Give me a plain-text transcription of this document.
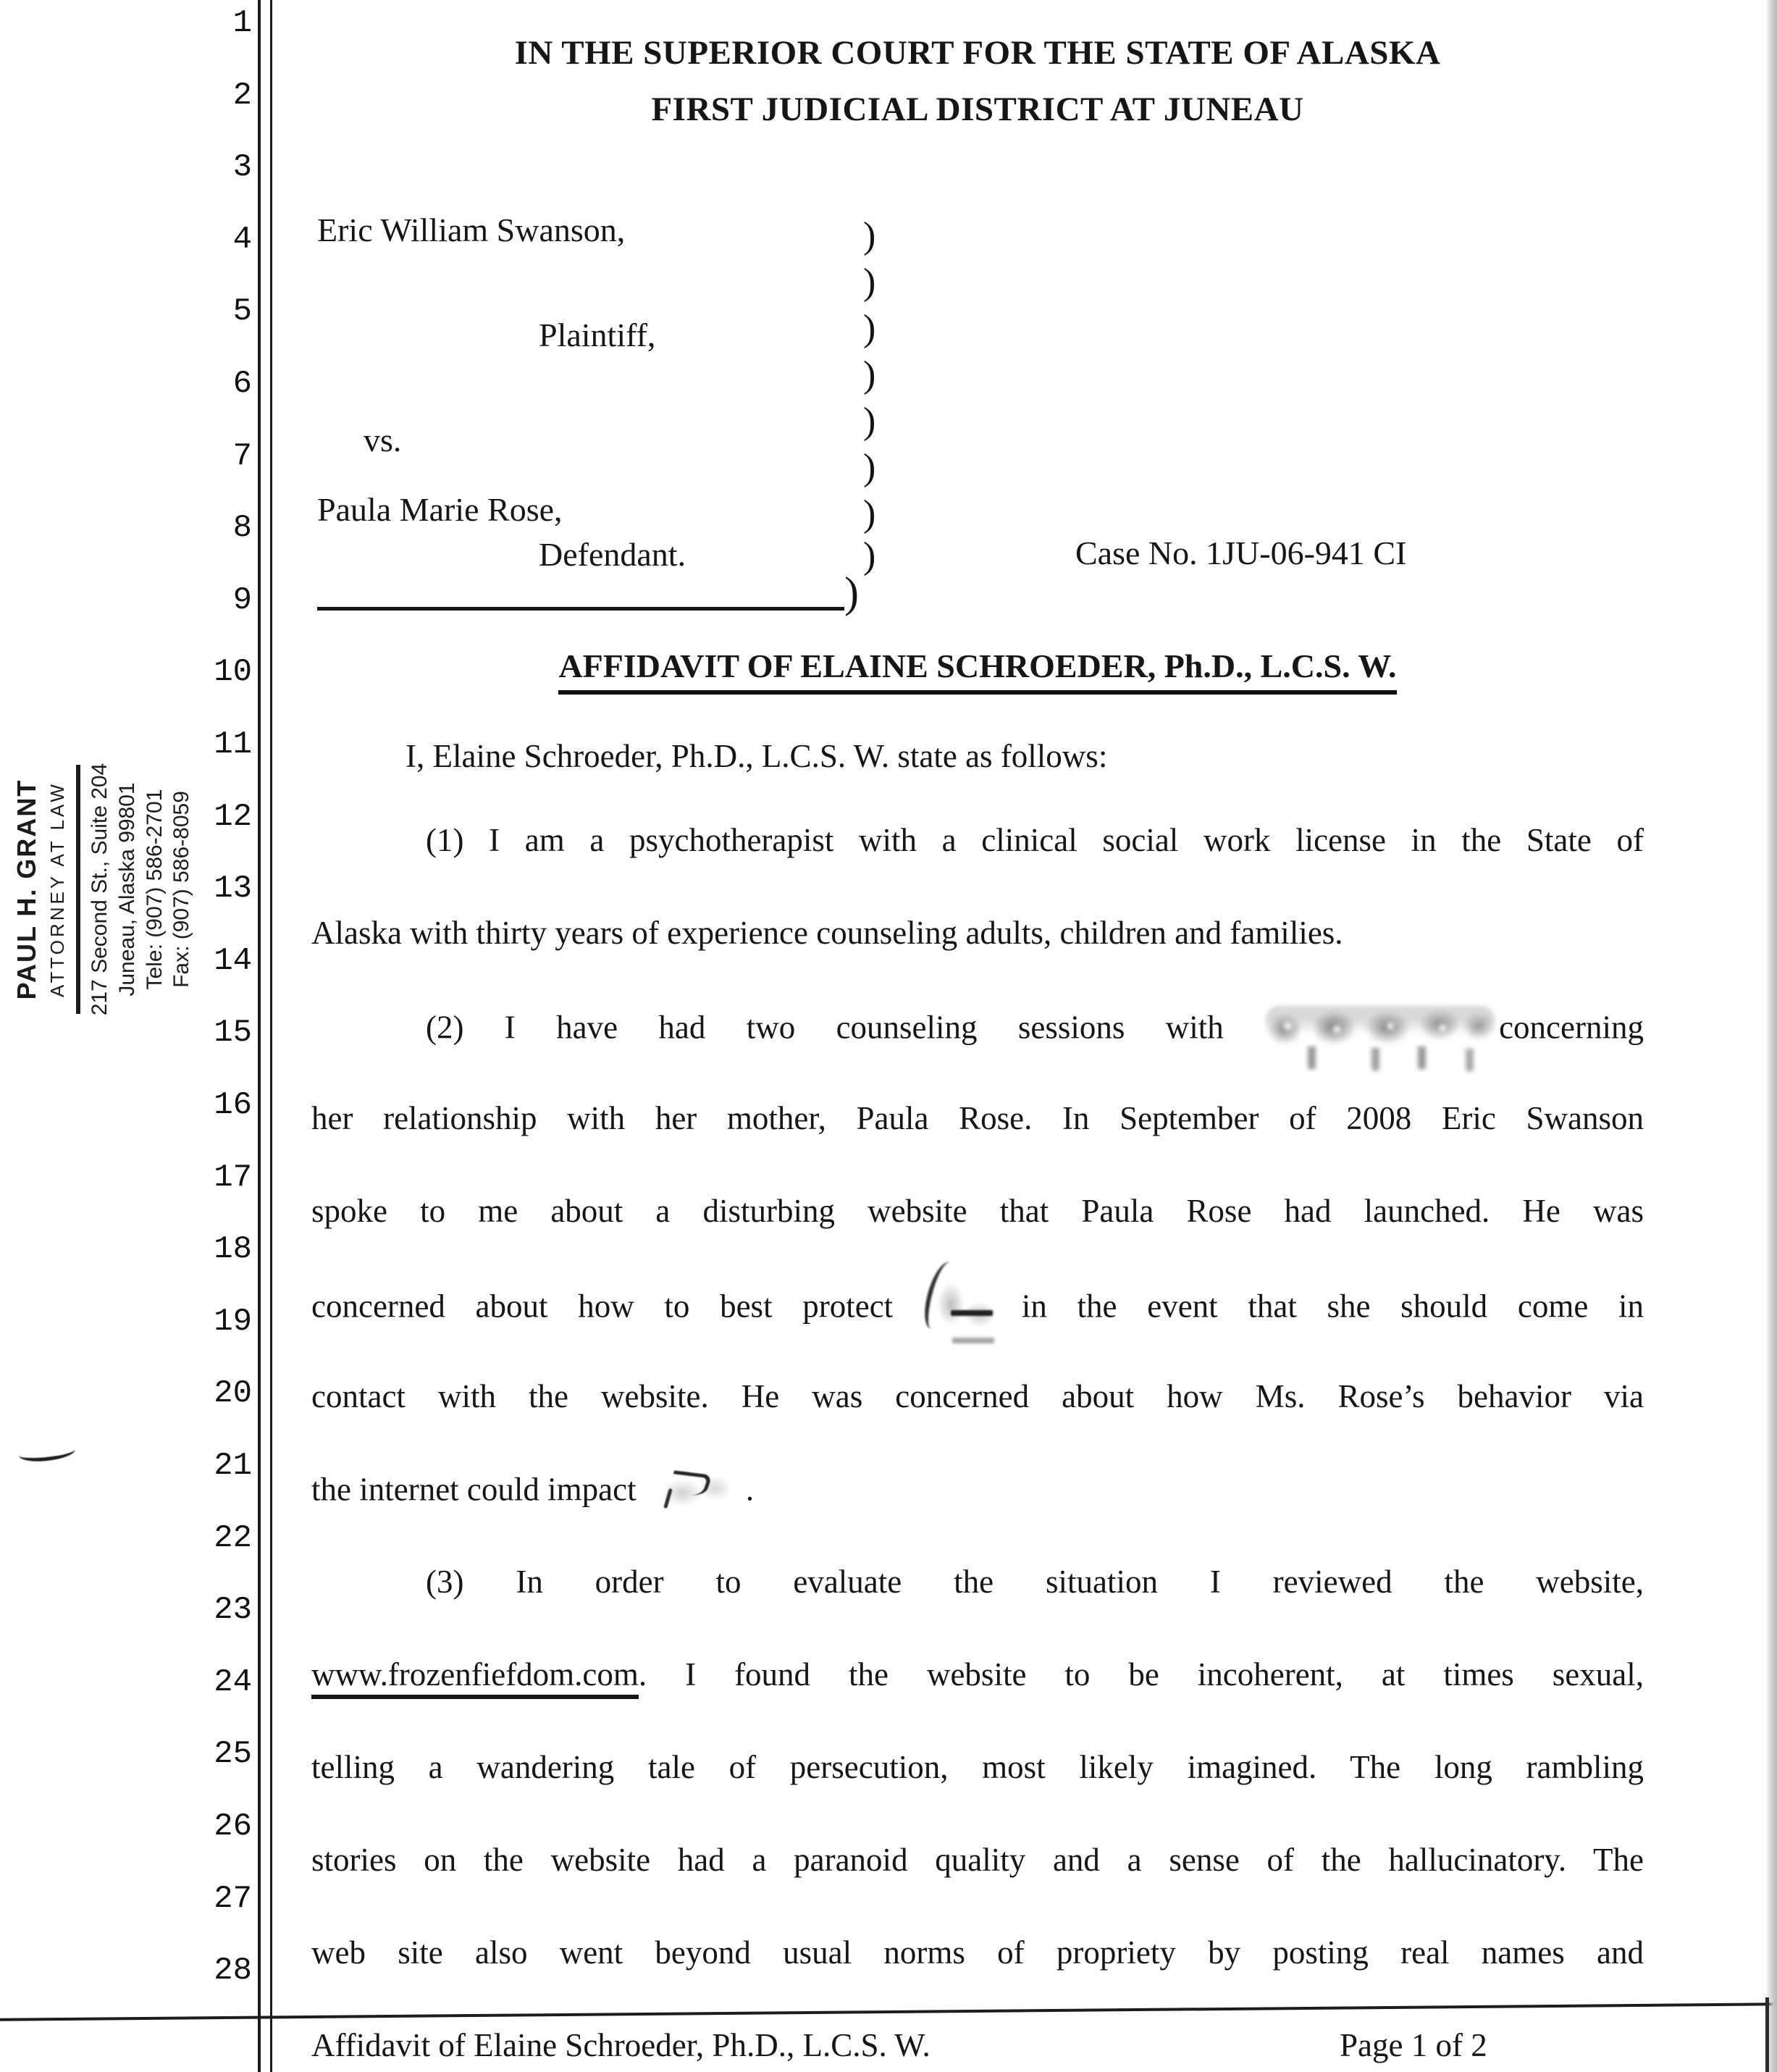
1
2
3
4
5
6
7
8
9
10
11
12
13
14
15
16
17
18
19
20
21
22
23
24
25
26
27
28
IN THE SUPERIOR COURT FOR THE STATE OF ALASKA
FIRST JUDICIAL DISTRICT AT JUNEAU
Eric William Swanson,
Plaintiff,
vs.
Paula Marie Rose,
Defendant.	Case No. 1JU-06-941 CI
)
)
)
)
)
)
)
)
)
PAUL H. GRANT ATTORNEY AT LAW 217 Second St., Suite 204 Juneau, Alaska 99801 Tele: (907) 586-2701 Fax: (907) 586-8059
AFFIDAVIT OF ELAINE SCHROEDER, Ph.D., L.C.S. W.
I, Elaine Schroeder, Ph.D., L.C.S. W. state as follows:
(1) I am a psychotherapist with a clinical social work license in the State of
Alaska with thirty years of experience counseling adults, children and families.
(2) I have had two counseling sessions with	concerning
her relationship with her mother, Paula Rose. In September of 2008 Eric Swanson
spoke to me about a disturbing website that Paula Rose had launched. He was
concerned about how to best protect	in the event that she should come in
contact with the website. He was concerned about how Ms. Rose’s behavior via
the internet could impact	.
(3) In order to evaluate the situation I reviewed the website,
www.frozenfiefdom.com. I found the website to be incoherent, at times sexual,
telling a wandering tale of persecution, most likely imagined. The long rambling
stories on the website had a paranoid quality and a sense of the hallucinatory. The
web site also went beyond usual norms of propriety by posting real names and
Affidavit of Elaine Schroeder, Ph.D., L.C.S. W.	Page 1 of 2
